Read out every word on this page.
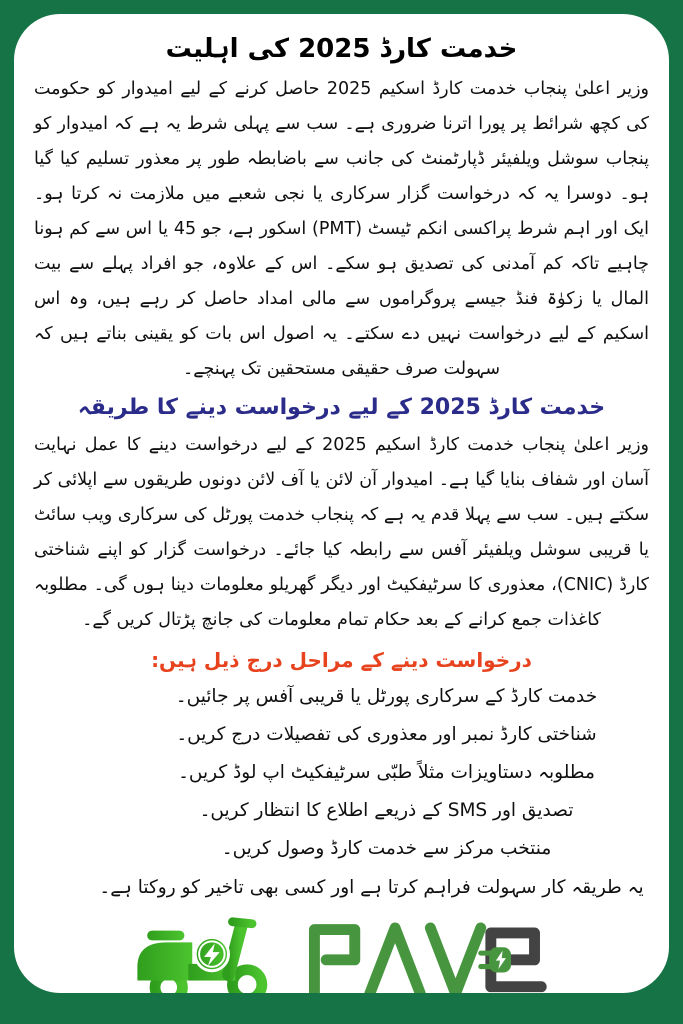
خدمت کارڈ 2025 کی اہلیت

وزیر اعلیٰ پنجاب خدمت کارڈ اسکیم 2025 حاصل کرنے کے لیے امیدوار کو حکومت کی کچھ شرائط پر پورا اترنا ضروری ہے۔ سب سے پہلی شرط یہ ہے کہ امیدوار کو پنجاب سوشل ویلفیئر ڈپارٹمنٹ کی جانب سے باضابطہ طور پر معذور تسلیم کیا گیا ہو۔ دوسرا یہ کہ درخواست گزار سرکاری یا نجی شعبے میں ملازمت نہ کرتا ہو۔ ایک اور اہم شرط پراکسی انکم ٹیسٹ (PMT) اسکور ہے، جو 45 یا اس سے کم ہونا چاہیے تاکہ کم آمدنی کی تصدیق ہو سکے۔ اس کے علاوہ، جو افراد پہلے سے بیت المال یا زکوٰۃ فنڈ جیسے پروگراموں سے مالی امداد حاصل کر رہے ہیں، وہ اس اسکیم کے لیے درخواست نہیں دے سکتے۔ یہ اصول اس بات کو یقینی بناتے ہیں کہ سہولت صرف حقیقی مستحقین تک پہنچے۔

خدمت کارڈ 2025 کے لیے درخواست دینے کا طریقہ

وزیر اعلیٰ پنجاب خدمت کارڈ اسکیم 2025 کے لیے درخواست دینے کا عمل نہایت آسان اور شفاف بنایا گیا ہے۔ امیدوار آن لائن یا آف لائن دونوں طریقوں سے اپلائی کر سکتے ہیں۔ سب سے پہلا قدم یہ ہے کہ پنجاب خدمت پورٹل کی سرکاری ویب سائٹ یا قریبی سوشل ویلفیئر آفس سے رابطہ کیا جائے۔ درخواست گزار کو اپنے شناختی کارڈ (CNIC)، معذوری کا سرٹیفکیٹ اور دیگر گھریلو معلومات دینا ہوں گی۔ مطلوبہ کاغذات جمع کرانے کے بعد حکام تمام معلومات کی جانچ پڑتال کریں گے۔

درخواست دینے کے مراحل درج ذیل ہیں:
خدمت کارڈ کے سرکاری پورٹل یا قریبی آفس پر جائیں۔
شناختی کارڈ نمبر اور معذوری کی تفصیلات درج کریں۔
مطلوبہ دستاویزات مثلاً طبّی سرٹیفکیٹ اپ لوڈ کریں۔
تصدیق اور SMS کے ذریعے اطلاع کا انتظار کریں۔
منتخب مرکز سے خدمت کارڈ وصول کریں۔

یہ طریقہ کار سہولت فراہم کرتا ہے اور کسی بھی تاخیر کو روکتا ہے۔
